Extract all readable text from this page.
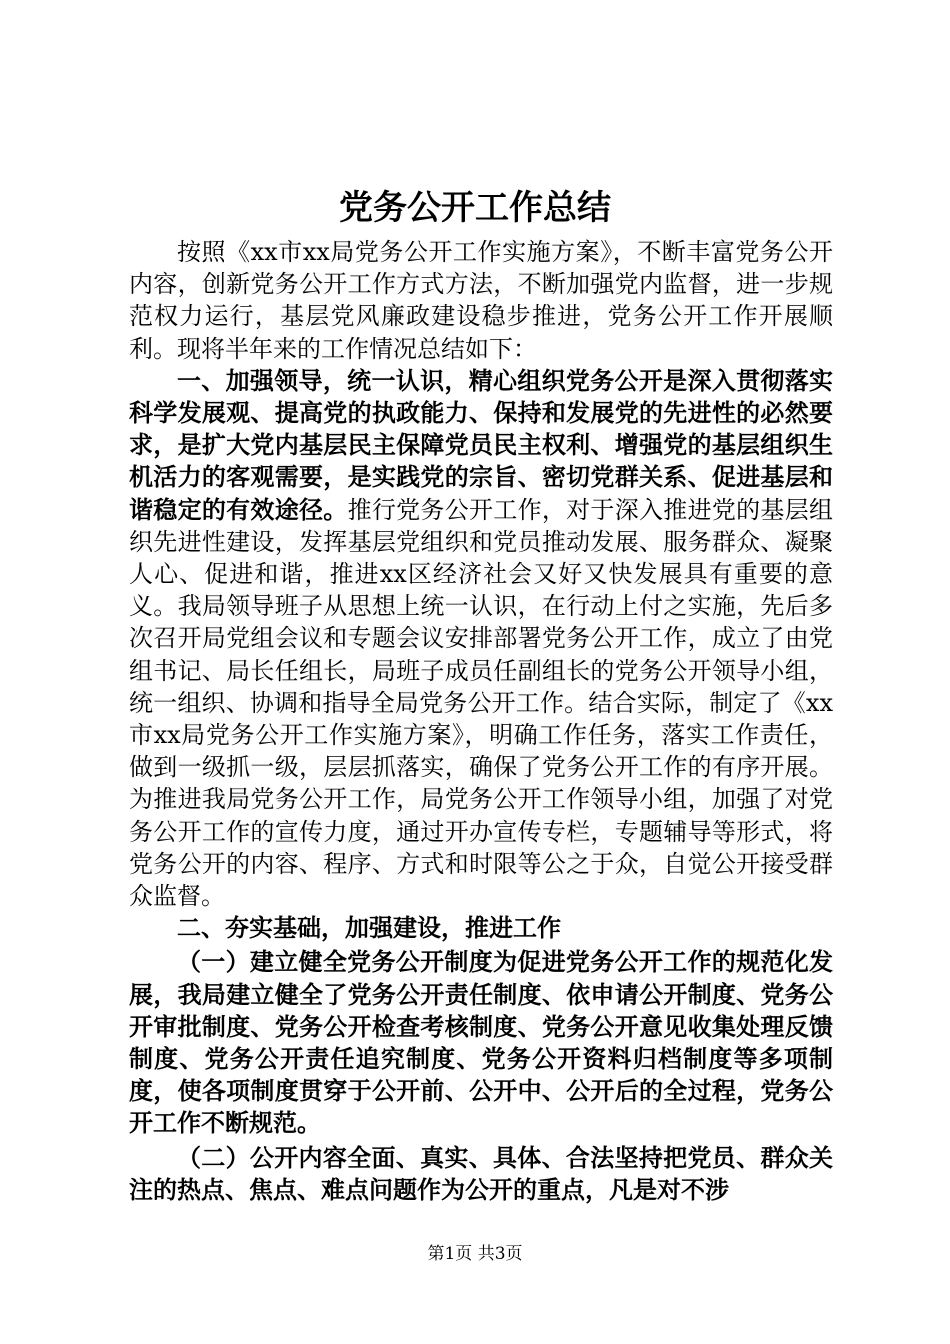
党务公开工作总结

按照《xx市xx局党务公开工作实施方案》，不断丰富党务公开内容，创新党务公开工作方式方法，不断加强党内监督，进一步规范权力运行，基层党风廉政建设稳步推进，党务公开工作开展顺利。现将半年来的工作情况总结如下：

一、加强领导，统一认识，精心组织党务公开是深入贯彻落实科学发展观、提高党的执政能力、保持和发展党的先进性的必然要求，是扩大党内基层民主保障党员民主权利、增强党的基层组织生机活力的客观需要，是实践党的宗旨、密切党群关系、促进基层和谐稳定的有效途径。推行党务公开工作，对于深入推进党的基层组织先进性建设，发挥基层党组织和党员推动发展、服务群众、凝聚人心、促进和谐，推进xx区经济社会又好又快发展具有重要的意义。我局领导班子从思想上统一认识，在行动上付之实施，先后多次召开局党组会议和专题会议安排部署党务公开工作，成立了由党组书记、局长任组长，局班子成员任副组长的党务公开领导小组，统一组织、协调和指导全局党务公开工作。结合实际，制定了《xx市xx局党务公开工作实施方案》，明确工作任务，落实工作责任，做到一级抓一级，层层抓落实，确保了党务公开工作的有序开展。为推进我局党务公开工作，局党务公开工作领导小组，加强了对党务公开工作的宣传力度，通过开办宣传专栏，专题辅导等形式，将党务公开的内容、程序、方式和时限等公之于众，自觉公开接受群众监督。

二、夯实基础，加强建设，推进工作

（一）建立健全党务公开制度为促进党务公开工作的规范化发展，我局建立健全了党务公开责任制度、依申请公开制度、党务公开审批制度、党务公开检查考核制度、党务公开意见收集处理反馈制度、党务公开责任追究制度、党务公开资料归档制度等多项制度，使各项制度贯穿于公开前、公开中、公开后的全过程，党务公开工作不断规范。

（二）公开内容全面、真实、具体、合法坚持把党员、群众关注的热点、焦点、难点问题作为公开的重点，凡是对不涉

第1页 共3页
